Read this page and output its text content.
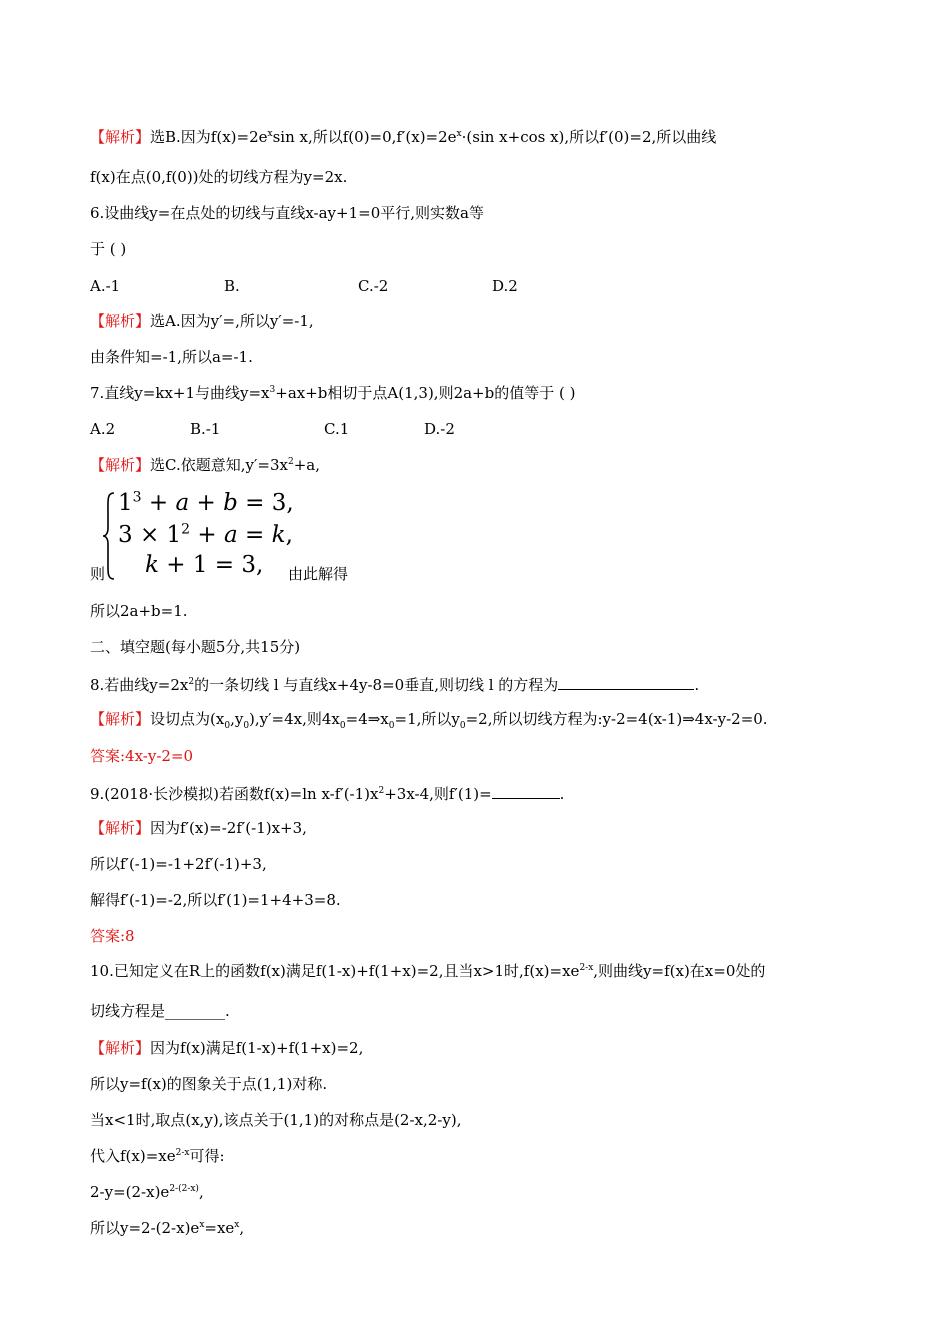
【解析】选B.因为$f(x)=2e^x\sin$ x,所以$f(0)=0,f'(x)=2e^x\cdot(\sin$ x+cos x),所以f′(0)=2,所以曲线
f(x)在点(0,f(0))处的切线方程为y=2x.
6.设曲线y=在点处的切线与直线x-ay+1=0平行,则实数a等
于 ( )
A.-1	B.	C.-2	D.2
【解析】选A.因为y′=,所以y′=-1,
由条件知=-1,所以a=-1.
7.直线y=kx+1与曲线$y=x^3+ax+b$相切于点A(1,3),则2a+b的值等于 ( )
A.2	B.-1	C.1	D.-2
【解析】选C.依题意知$,y'=3x^2+a$,
则
$1^3 + a + b = 3$,
$3 \times 1^2 + a = k$,
k + 1 = 3, 由此解得
所以2a+b=1.
二、填空题(每小题5分,共15分)
8.若曲线$y=2x^2$的一条切线 l 与直线x+4y-8=0垂直,则切线 l 的方程为	.
【解析】设切点为$(x_0,y_0),y'=4x$,则$4x_0=4\Rightarrow x_0=1$,所以$y_0=2$,所以切线方程为:y-2=4(x-1)⇒4x-y-2=0.
答案:4x-y-2=0
9.(2018·长沙模拟)若函数f(x)=ln $x-f'(-1)x^2+3x-4$,则f′(1)=	.
【解析】因为f′(x)=-2f′(-1)x+3,
所以f′(-1)=-1+2f′(-1)+3,
解得f′(-1)=-2,所以f′(1)=1+4+3=8.
答案:8
10.已知定义在R上的函数f(x)满足f(1-x)+f(1+x)=2,且当x>1时$,f(x)=xe^{2-x}$,则曲线y=f(x)在x=0处的
切线方程是________.
【解析】因为f(x)满足f(1-x)+f(1+x)=2,
所以y=f(x)的图象关于点(1,1)对称.
当x<1时,取点(x,y),该点关于(1,1)的对称点是(2-x,2-y),
代入$f(x)=xe^{2-x}$可得:
$2-y=(2-x)e^{2-(2-x)}$,
所以$y=2-(2-x)e^x=xe^x$,
